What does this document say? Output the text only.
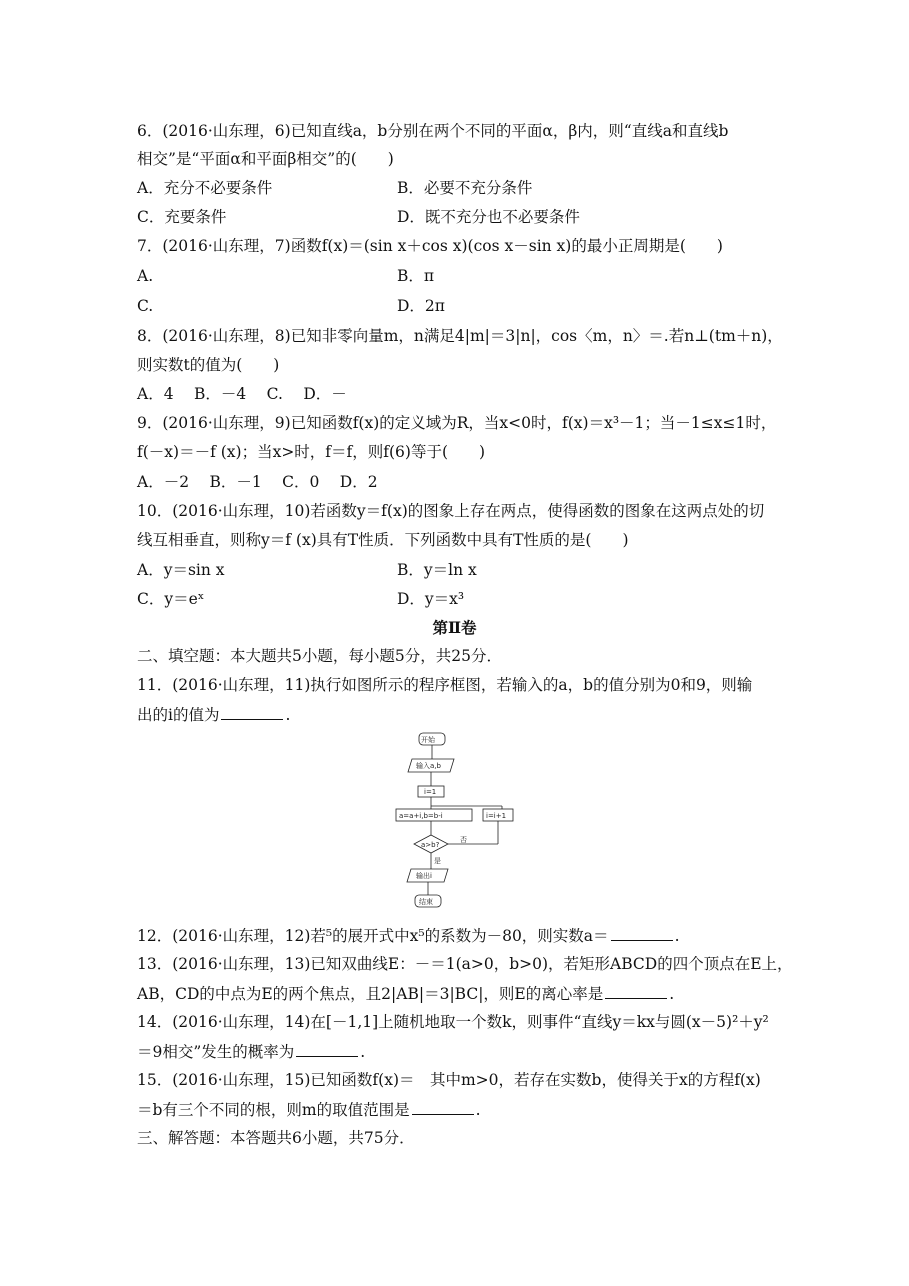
6．(2016·山东理，6)已知直线a，b分别在两个不同的平面α，β内，则“直线a和直线b
相交”是“平面α和平面β相交”的(　　)
A．充分不必要条件	B．必要不充分条件
C．充要条件	D．既不充分也不必要条件
7．(2016·山东理，7)函数f(x)＝(sin x＋cos x)(cos x－sin x)的最小正周期是(　　)
A.	B．π
C.	D．2π
8．(2016·山东理，8)已知非零向量m，n满足4|m|＝3|n|，cos〈m，n〉＝.若n⊥(tm＋n)，
则实数t的值为(　　)
A．4　 B．－4　 C.　 D．－
9．(2016·山东理，9)已知函数f(x)的定义域为R，当x<0时，f(x)＝x³－1；当－1≤x≤1时，
f(－x)＝－f (x)；当x>时，f＝f，则f(6)等于(　　)
A．－2　 B．－1　 C．0　 D．2
10．(2016·山东理，10)若函数y＝f(x)的图象上存在两点，使得函数的图象在这两点处的切
线互相垂直，则称y＝f (x)具有T性质．下列函数中具有T性质的是(　　)
A．y＝sin x	B．y＝ln x
C．y＝eˣ	D．y＝x³
第Ⅱ卷
二、填空题：本大题共5小题，每小题5分，共25分．
11．(2016·山东理，11)执行如图所示的程序框图，若输入的a，b的值分别为0和9，则输
出的i的值为	.
开始
输入a,b
i=1
a=a+i,b=b-i	i=i+1
a>b?
否
是
输出i
结束
12．(2016·山东理，12)若⁵的展开式中x⁵的系数为－80，则实数a＝	.
13．(2016·山东理，13)已知双曲线E：－＝1(a>0，b>0)，若矩形ABCD的四个顶点在E上，
AB，CD的中点为E的两个焦点，且2|AB|＝3|BC|，则E的离心率是	.
14．(2016·山东理，14)在[－1,1]上随机地取一个数k，则事件“直线y＝kx与圆(x－5)²＋y²
＝9相交”发生的概率为	.
15．(2016·山东理，15)已知函数f(x)＝　其中m>0，若存在实数b，使得关于x的方程f(x)
＝b有三个不同的根，则m的取值范围是	.
三、解答题：本答题共6小题，共75分．
